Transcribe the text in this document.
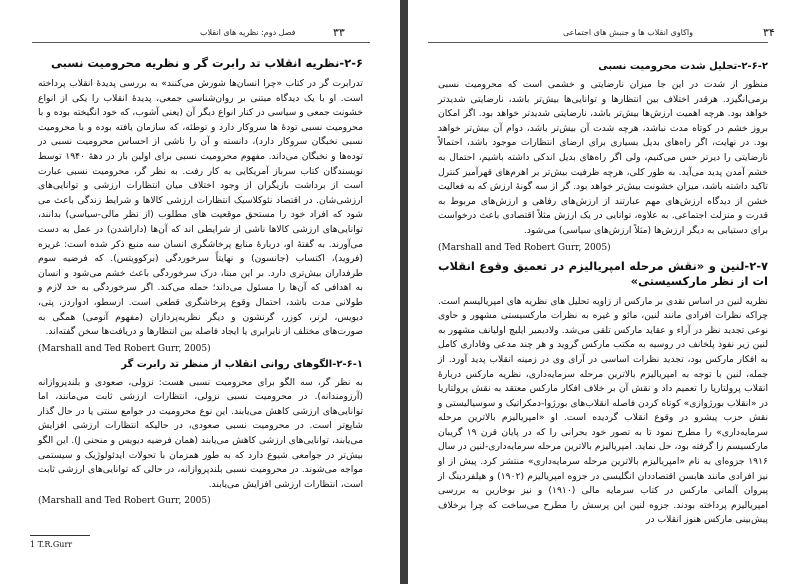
۳۳
فصل دوم: نظریه های انقلاب
۲-۶-نظریه انقلاب تد رابرت گر و نظریه محرومیت نسبی

تدرابرت گر در کتاب «چرا انسان‌ها شورش می‌کنند» به بررسی پدیدهٔ انقلاب پرداخته است. او با یک دیدگاه مبتنی بر روان‌شناسی جمعی، پدیدهٔ انقلاب را یکی از انواع خشونت جمعی و سیاسی در کنار انواع دیگر آن (یعنی آشوب، که خود انگیخته بوده و با محرومیت نسبی تودهٔ ها سروکار دارد و توطئه، که سازمان یافته بوده و با محرومیت نسبی نخبگان سروکار دارد)، دانسته و آن را ناشی از احساس محرومیت نسبی در توده‌ها و نخبگان می‌داند. مفهوم محرومیت نسبی برای اولین بار در دههٔ ۱۹۴۰ توسط نویسندگان کتاب سرباز آمریکایی به کار رفت. به نظر گر، محرومیت نسبی عبارت است از برداشت بازیگران از وجود اختلاف میان انتظارات ارزشی و توانایی‌های ارزشی‌شان. در اقتصاد نئوکلاسیک انتظارات ارزشی کالاها و شرایط زندگی باعث می شود که افراد خود را مستحق موقعیت های مطلوب (از نظر مالی-سیاسی) بدانند، توانایی‌های ارزشی کالاها ناشی از شرایطی اند که آن‌ها (دارا‌شدن) در عمل به دست می‌آورند. به گفتهٔ او، دربارهٔ منابع پرخاشگری انسان سه منبع ذکر شده است: غریزه (فروید)، اکتساب (جانسون) و نهایتاً سرخوردگی (برکوویتس). که فرضیه سوم طرفداران بیش‌تری دارد. بر این مبنا، درک سرخوردگی باعث خشم می‌شود و انسان به اهدافی که آن‌ها را مسئول می‌داند؛ حمله می‌کند. اگر سرخوردگی به حد لازم و طولانی مدت باشد، احتمال وقوع پرخاشگری قطعی است. ارسطو، ادواردز، پتی، دیویس، لرنر، کوزر، گرنشون و دیگر نظریه‌پردازان (مفهوم آنومی) همگی به صورت‌های مختلف از نابرابری یا ایجاد فاصله بین انتظارها و دریافت‌ها سخن گفته‌اند.

(Marshall and Ted Robert Gurr, 2005)
۲-۶-۱-الگوهای روانی انقلاب از منظر تد رابرت گر

به نظر گر، سه الگو برای محرومیت نسبی هست: نزولی، صعودی و بلندپروازانه (آرزومندانه). در محرومیت نسبی نزولی، انتظارات ارزشی ثابت می‌مانند، اما توانایی‌های ارزشی کاهش می‌یابند. این نوع محرومیت در جوامع سنتی یا در حال گذار شایع‌تر است. در محرومیت نسبی صعودی، در حالیکه انتظارات ارزشی افزایش می‌یابند، توانایی‌های ارزشی کاهش می‌یابند (همان فرضیه دیویس و منحنی J). این الگو بیش‌تر در جوامعی شیوع دارد که به طور همزمان با تحولات ایدئولوژیک و سیستمی مواجه می‌شوند. در محرومیت نسبی بلندپروازانه، در حالی که توانایی‌های ارزشی ثابت است، انتظارات ارزشی افزایش می‌یابند.

(Marshall and Ted Robert Gurr, 2005)
1 T.R.Gurr
واکاوی انقلاب ها و جنبش های اجتماعی	۳۴
۲-۶-۲-تحلیل شدت محرومیت نسبی

منظور از شدت در این جا میزان نارضایتی و خشمی است که محرومیت نسبی برمی‌انگیزد. هرقدر اختلاف بین انتظارها و توانایی‌ها بیش‌تر باشد، نارضایتی شدیدتر خواهد بود. هرچه اهمیت ارزش‌ها بیش‌تر باشد، نارضایتی شدیدتر خواهد بود. اگر امکان بروز خشم در کوتاه مدت نباشد، هرچه شدت آن بیش‌تر باشد، دوام آن بیش‌تر خواهد بود. در نهایت، اگر راه‌های بدیل بسیاری برای ارضای انتظارات موجود باشد، احتمالاً نارضایتی را دیرتر حس می‌کنیم، ولی اگر راه‌های بدیل اندکی داشته باشیم، احتمال به خشم آمدن پدید می‌آید. به طور کلی، هرچه ظرفیت بیش‌تر بر اهرم‌های قهرآمیز کنترل تاکید داشته باشد، میزان خشونت بیش‌تر خواهد بود. گر از سه گونهٔ ارزش که به فعالیت خشن از دیدگاه ارزش‌های مهم عبارتند از ارزش‌های رفاهی و ارزش‌های مربوط به قدرت و منزلت اجتماعی. به علاوه، توانایی در یک ارزش مثلاً اقتصادی باعث درخواست برای دستیابی به دیگر ارزش‌ها (مثلاً ارزش‌های سیاسی) می‌شود.

(Marshall and Ted Robert Gurr, 2005)
۲-۷-لنین و «نقش مرحله امپریالیزم در تعمیق وقوع انقلاب ات از نظر مارکسیستی»

نظریه لنین در اساس نقدی بر مارکس از زاویه تحلیل های نظریه های امپریالیسم است. چراکه نظرات افرادی مانند لنین، مائو و غیره به نظرات مارکسیستی مشهور و حاوی نوعی تجدید نظر در آراء و عقاید مارکس تلقی می‌شد. ولادیمیر ایلیچ اولیانف مشهور به لنین زیر نفوذ پلخانف در روسیه به مکتب مارکس گروید و هر چند مدعی وفاداری کامل به افکار مارکس بود، تجدید نظرات اساسی در آرای وی در زمینه انقلاب پدید آورد. از جمله، لنین با توجه به امپریالیزم بالاترین مرحله سرمایه‌داری، نظریه مارکس دربارهٔ انقلاب پرولتاریا را تعمیم داد و نقش آن بر خلاف افکار مارکس معتقد به نقش پرولتاریا در «انقلاب بورژوازی» کوتاه کردن فاصله انقلاب‌های بورژوا-دمکراتیک و سوسیالیستی و نقش حزب پیشرو در وقوع انقلاب گردیده است. او «امپریالیزم بالاترین مرحله سرمایه‌داری» را مطرح نمود تا به تصور خود بحرانی را که در پایان قرن ۱۹ گریبان مارکسیسم را گرفته بود، حل نماید. امپریالیزم بالاترین مرحله سرمایه‌داری-لنین در سال ۱۹۱۶ جزوه‌ای به نام «امپریالیزم بالاترین مرحله سرمایه‌داری» منتشر کرد. پیش از او نیز افرادی مانند هابسن اقتصاددان انگلیسی در جزوه امپریالیزم (۱۹۰۲) و هیلفردینگ از پیروان آلمانی مارکس در کتاب سرمایه مالی (۱۹۱۰) و نیز بوخارین به بررسی امپریالیزم پرداخته بودند. جزوه لنین این پرسش را مطرح می‌ساخت که چرا برخلاف پیش‌بینی مارکس هنوز انقلاب در
